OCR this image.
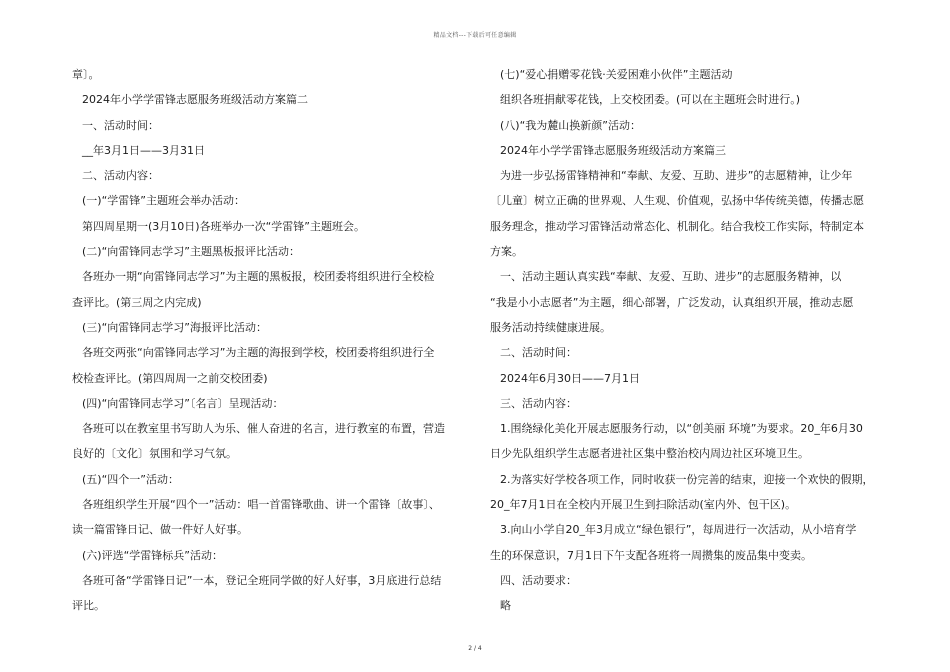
精品文档---下载后可任意编辑
章〕。
2024年小学学雷锋志愿服务班级活动方案篇二
一、活动时间：
__年3月1日——3月31日
二、活动内容：
(一)“学雷锋”主题班会举办活动：
第四周星期一(3月10日)各班举办一次“学雷锋”主题班会。
(二)“向雷锋同志学习”主题黑板报评比活动：
各班办一期“向雷锋同志学习”为主题的黑板报，校团委将组织进行全校检
查评比。(第三周之内完成)
(三)“向雷锋同志学习”海报评比活动：
各班交两张“向雷锋同志学习”为主题的海报到学校，校团委将组织进行全
校检查评比。(第四周周一之前交校团委)
(四)“向雷锋同志学习”〔名言〕呈现活动：
各班可以在教室里书写助人为乐、催人奋进的名言，进行教室的布置，营造
良好的〔文化〕氛围和学习气氛。
(五)“四个一”活动：
各班组织学生开展“四个一”活动：唱一首雷锋歌曲、讲一个雷锋〔故事〕、
读一篇雷锋日记、做一件好人好事。
(六)评选“学雷锋标兵”活动：
各班可备“学雷锋日记”一本，登记全班同学做的好人好事，3月底进行总结
评比。
(七)“爱心捐赠零花钱·关爱困难小伙伴”主题活动
组织各班捐献零花钱，上交校团委。(可以在主题班会时进行。)
(八)“我为麓山换新颜”活动：
2024年小学学雷锋志愿服务班级活动方案篇三
为进一步弘扬雷锋精神和“奉献、友爱、互助、进步”的志愿精神，让少年
〔儿童〕树立正确的世界观、人生观、价值观，弘扬中华传统美德，传播志愿
服务理念，推动学习雷锋活动常态化、机制化。结合我校工作实际，特制定本
方案。
一、活动主题认真实践“奉献、友爱、互助、进步”的志愿服务精神，以
“我是小小志愿者”为主题，细心部署，广泛发动，认真组织开展，推动志愿
服务活动持续健康进展。
二、活动时间：
2024年6月30日——7月1日
三、活动内容：
1.围绕绿化美化开展志愿服务行动，以“创美丽 环境”为要求。20_年6月30
日少先队组织学生志愿者进社区集中整治校内周边社区环境卫生。
2.为落实好学校各项工作，同时收获一份完善的结束，迎接一个欢快的假期，
20_年7月1日在全校内开展卫生到扫除活动(室内外、包干区)。
3.向山小学自20_年3月成立“绿色银行”，每周进行一次活动，从小培育学
生的环保意识，7月1日下午支配各班将一周攒集的废品集中变卖。
四、活动要求：
略
2 / 4
